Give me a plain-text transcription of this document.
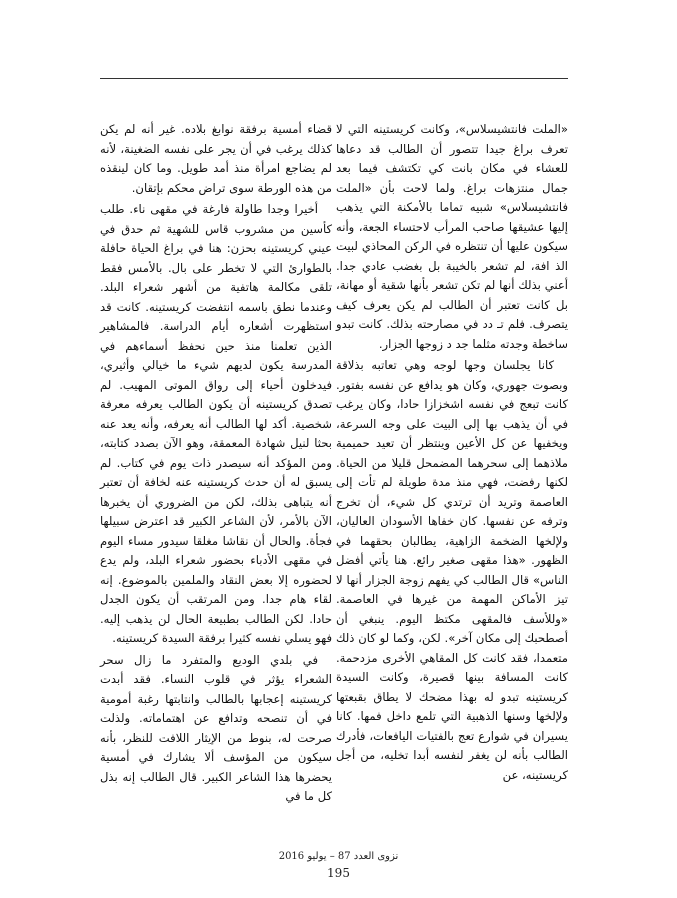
«الملت فانتشيسلاس»، وكانت كريستينه التي لا تعرف براغ جيدا تتصور أن الطالب قد دعاها للعشاء في مكان بانت كي تكتشف فيما بعد جمال منتزهات براغ. ولما لاحت بأن «الملت فانتشيسلاس» شبيه تماما بالأمكنة التي يذهب إليها عشيقها صاحب المرأب لاحتساء الجعة، وأنه سيكون عليها أن تنتظره في الركن المحاذي لبيت الذ افة، لم تشعر بالخيبة بل بغضب عادي جدا. أعني بذلك أنها لم تكن تشعر بأنها شقية أو مهانة، بل كانت تعتبر أن الطالب لم يكن يعرف كيف يتصرف. فلم تـ دد في مصارحته بذلك. كانت تبدو ساخطة وجدته مثلما جد د زوجها الجزار.

كانا يجلسان وجها لوجه وهي تعاتبه بذلاقة وبصوت جهوري، وكان هو يدافع عن نفسه بفتور. كانت تبعج في نفسه اشخزازا حادا، وكان يرغب في أن يذهب بها إلى البيت على وجه السرعة، ويخفيها عن كل الأعين وينتظر أن تعيد حميمية ملاذهما إلى سحرهما المضمحل قليلا من الحياة. لكنها رفضت، فهي منذ مدة طويلة لم تأت إلى العاصمة وتريد أن ترتدي كل شيء، أن تخرج وترفه عن نفسها. كان خفاها الأسودان العاليان، ولإلخها الضخمة الزاهية، يطالبان بحقهما في الظهور. «هذا مقهى صغير رائع. هنا يأتي أفضل الناس» قال الطالب كي يفهم زوجة الجزار أنها لا تيز الأماكن المهمة من غيرها في العاصمة. «وللأسف فالمقهى مكتظ اليوم. ينبغي أن أصطحبك إلى مكان آخر». لكن، وكما لو كان ذلك متعمدا، فقد كانت كل المقاهي الأخرى مزدحمة. كانت المسافة بينها قصيرة، وكانت السيدة كريستينه تبدو له بهذا مضحك لا يطاق بقبعتها ولإلخها وسنها الذهبية التي تلمع داخل فمها. كانا يسيران في شوارع تعج بالفتيات اليافعات، فأدرك الطالب بأنه لن يغفر لنفسه أبدا تخليه، من أجل كريستينه، عن

قضاء أمسية برفقة نوابغ بلاده. غير أنه لم يكن كذلك يرغب في أن يجر على نفسه الضغينة، لأنه لم يضاجع امرأة منذ أمد طويل. وما كان لينقذه من هذه الورطة سوى تراض محكم بإتقان.

أخيرا وجدا طاولة فارغة في مقهى ناء. طلب كأسين من مشروب قاس للشهية ثم حدق في عيني كريستينه بحزن: هنا في براغ الحياة حافلة بالطوارئ التي لا تخطر على بال. بالأمس فقط تلقى مكالمة هاتفية من أشهر شعراء البلد. وعندما نطق باسمه انتفضت كريستينه. كانت قد استظهرت أشعاره أيام الدراسة. فالمشاهير الذين تعلمنا منذ حين نحفظ أسماءهم في المدرسة يكون لديهم شيء ما خيالي وأثيري، فيدخلون أحياء إلى رواق الموتى المهيب. لم تصدق كريستينه أن يكون الطالب يعرفه معرفة شخصية. أكد لها الطالب أنه يعرفه، وأنه يعد عنه بحثا لنيل شهادة المعمقة، وهو الآن بصدد كتابته، ومن المؤكد أنه سيصدر ذات يوم في كتاب. لم يسبق له أن حدث كريستينه عنه لخافة أن تعتبر أنه يتباهى بذلك، لكن من الضروري أن يخبرها الآن بالأمر، لأن الشاعر الكبير قد اعترض سبيلها فجأة. والحال أن نقاشا مغلقا سيدور مساء اليوم في مقهى الأدباء بحضور شعراء البلد، ولم يدع لحضوره إلا بعض النقاد والملمين بالموضوع. إنه لقاء هام جدا. ومن المرتقب أن يكون الجدل حادا. لكن الطالب بطبيعة الحال لن يذهب إليه. فهو يسلي نفسه كثيرا برفقة السيدة كريستينه.

في بلدي الوديع والمتفرد ما زال سحر الشعراء يؤثر في قلوب النساء. فقد أبدت كريستينه إعجابها بالطالب وانتابتها رغبة أمومية في أن تنصحه وتدافع عن اهتماماته. ولذلت صرحت له، بنوط من الإيثار اللافت للنظر، بأنه سيكون من المؤسف ألا يشارك في أمسية يحضرها هذا الشاعر الكبير. قال الطالب إنه بذل كل ما في

نزوى العدد 87 – يوليو 2016
195
